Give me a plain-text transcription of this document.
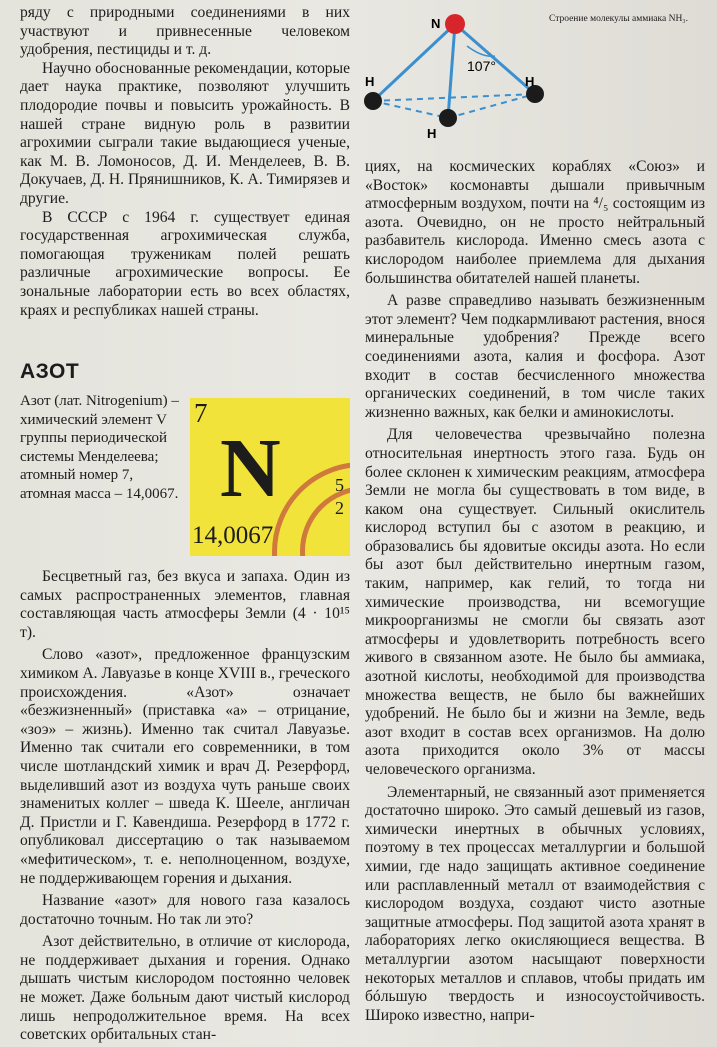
ряду с природными соединениями в них участвуют и привнесенные человеком удобрения, пестициды и т. д.

Научно обоснованные рекомендации, которые дает наука практике, позволяют улучшить плодородие почвы и повысить урожайность. В нашей стране видную роль в развитии агрохимии сыграли такие выдающиеся ученые, как М. В. Ломоносов, Д. И. Менделеев, В. В. Докучаев, Д. Н. Прянишников, К. А. Тимирязев и другие.

В СССР с 1964 г. существует единая государственная агрохимическая служба, помогающая труженикам полей решать различные агрохимические вопросы. Ее зональные лаборатории есть во всех областях, краях и республиках нашей страны.

АЗОТ

Азот (лат. Nitrogenium) – химический элемент V группы периодической системы Менделеева; атомный номер 7, атомная масса – 14,0067.

7
N
14,0067
5
2
N
H	H
H
107°
Строение молекулы аммиака NH₃.

Бесцветный газ, без вкуса и запаха. Один из самых распространенных элементов, главная составляющая часть атмосферы Земли (4 · 10¹⁵ т).

Слово «азот», предложенное французским химиком А. Лавуазье в конце XVIII в., греческого происхождения. «Азот» означает «безжизненный» (приставка «а» – отрицание, «зоэ» – жизнь). Именно так считал Лавуазье. Именно так считали его современники, в том числе шотландский химик и врач Д. Резерфорд, выделивший азот из воздуха чуть раньше своих знаменитых коллег – шведа К. Шееле, англичан Д. Пристли и Г. Кавендиша. Резерфорд в 1772 г. опубликовал диссертацию о так называемом «мефитическом», т. е. неполноценном, воздухе, не поддерживающем горения и дыхания.

Название «азот» для нового газа казалось достаточно точным. Но так ли это?

Азот действительно, в отличие от кислорода, не поддерживает дыхания и горения. Однако дышать чистым кислородом постоянно человек не может. Даже больным дают чистый кислород лишь непродолжительное время. На всех советских орбитальных стан-

циях, на космических кораблях «Союз» и «Восток» космонавты дышали привычным атмосферным воздухом, почти на ⁴/₅ состоящим из азота. Очевидно, он не просто нейтральный разбавитель кислорода. Именно смесь азота с кислородом наиболее приемлема для дыхания большинства обитателей нашей планеты.

А разве справедливо называть безжизненным этот элемент? Чем подкармливают растения, внося минеральные удобрения? Прежде всего соединениями азота, калия и фосфора. Азот входит в состав бесчисленного множества органических соединений, в том числе таких жизненно важных, как белки и аминокислоты.

Для человечества чрезвычайно полезна относительная инертность этого газа. Будь он более склонен к химическим реакциям, атмосфера Земли не могла бы существовать в том виде, в каком она существует. Сильный окислитель кислород вступил бы с азотом в реакцию, и образовались бы ядовитые оксиды азота. Но если бы азот был действительно инертным газом, таким, например, как гелий, то тогда ни химические производства, ни всемогущие микроорганизмы не смогли бы связать азот атмосферы и удовлетворить потребность всего живого в связанном азоте. Не было бы аммиака, азотной кислоты, необходимой для производства множества веществ, не было бы важнейших удобрений. Не было бы и жизни на Земле, ведь азот входит в состав всех организмов. На долю азота приходится около 3% от массы человеческого организма.

Элементарный, не связанный азот применяется достаточно широко. Это самый дешевый из газов, химически инертных в обычных условиях, поэтому в тех процессах металлургии и большой химии, где надо защищать активное соединение или расплавленный металл от взаимодействия с кислородом воздуха, создают чисто азотные защитные атмосферы. Под защитой азота хранят в лабораториях легко окисляющиеся вещества. В металлургии азотом насыщают поверхности некоторых металлов и сплавов, чтобы придать им бóльшую твердость и износоустойчивость. Широко известно, напри-
